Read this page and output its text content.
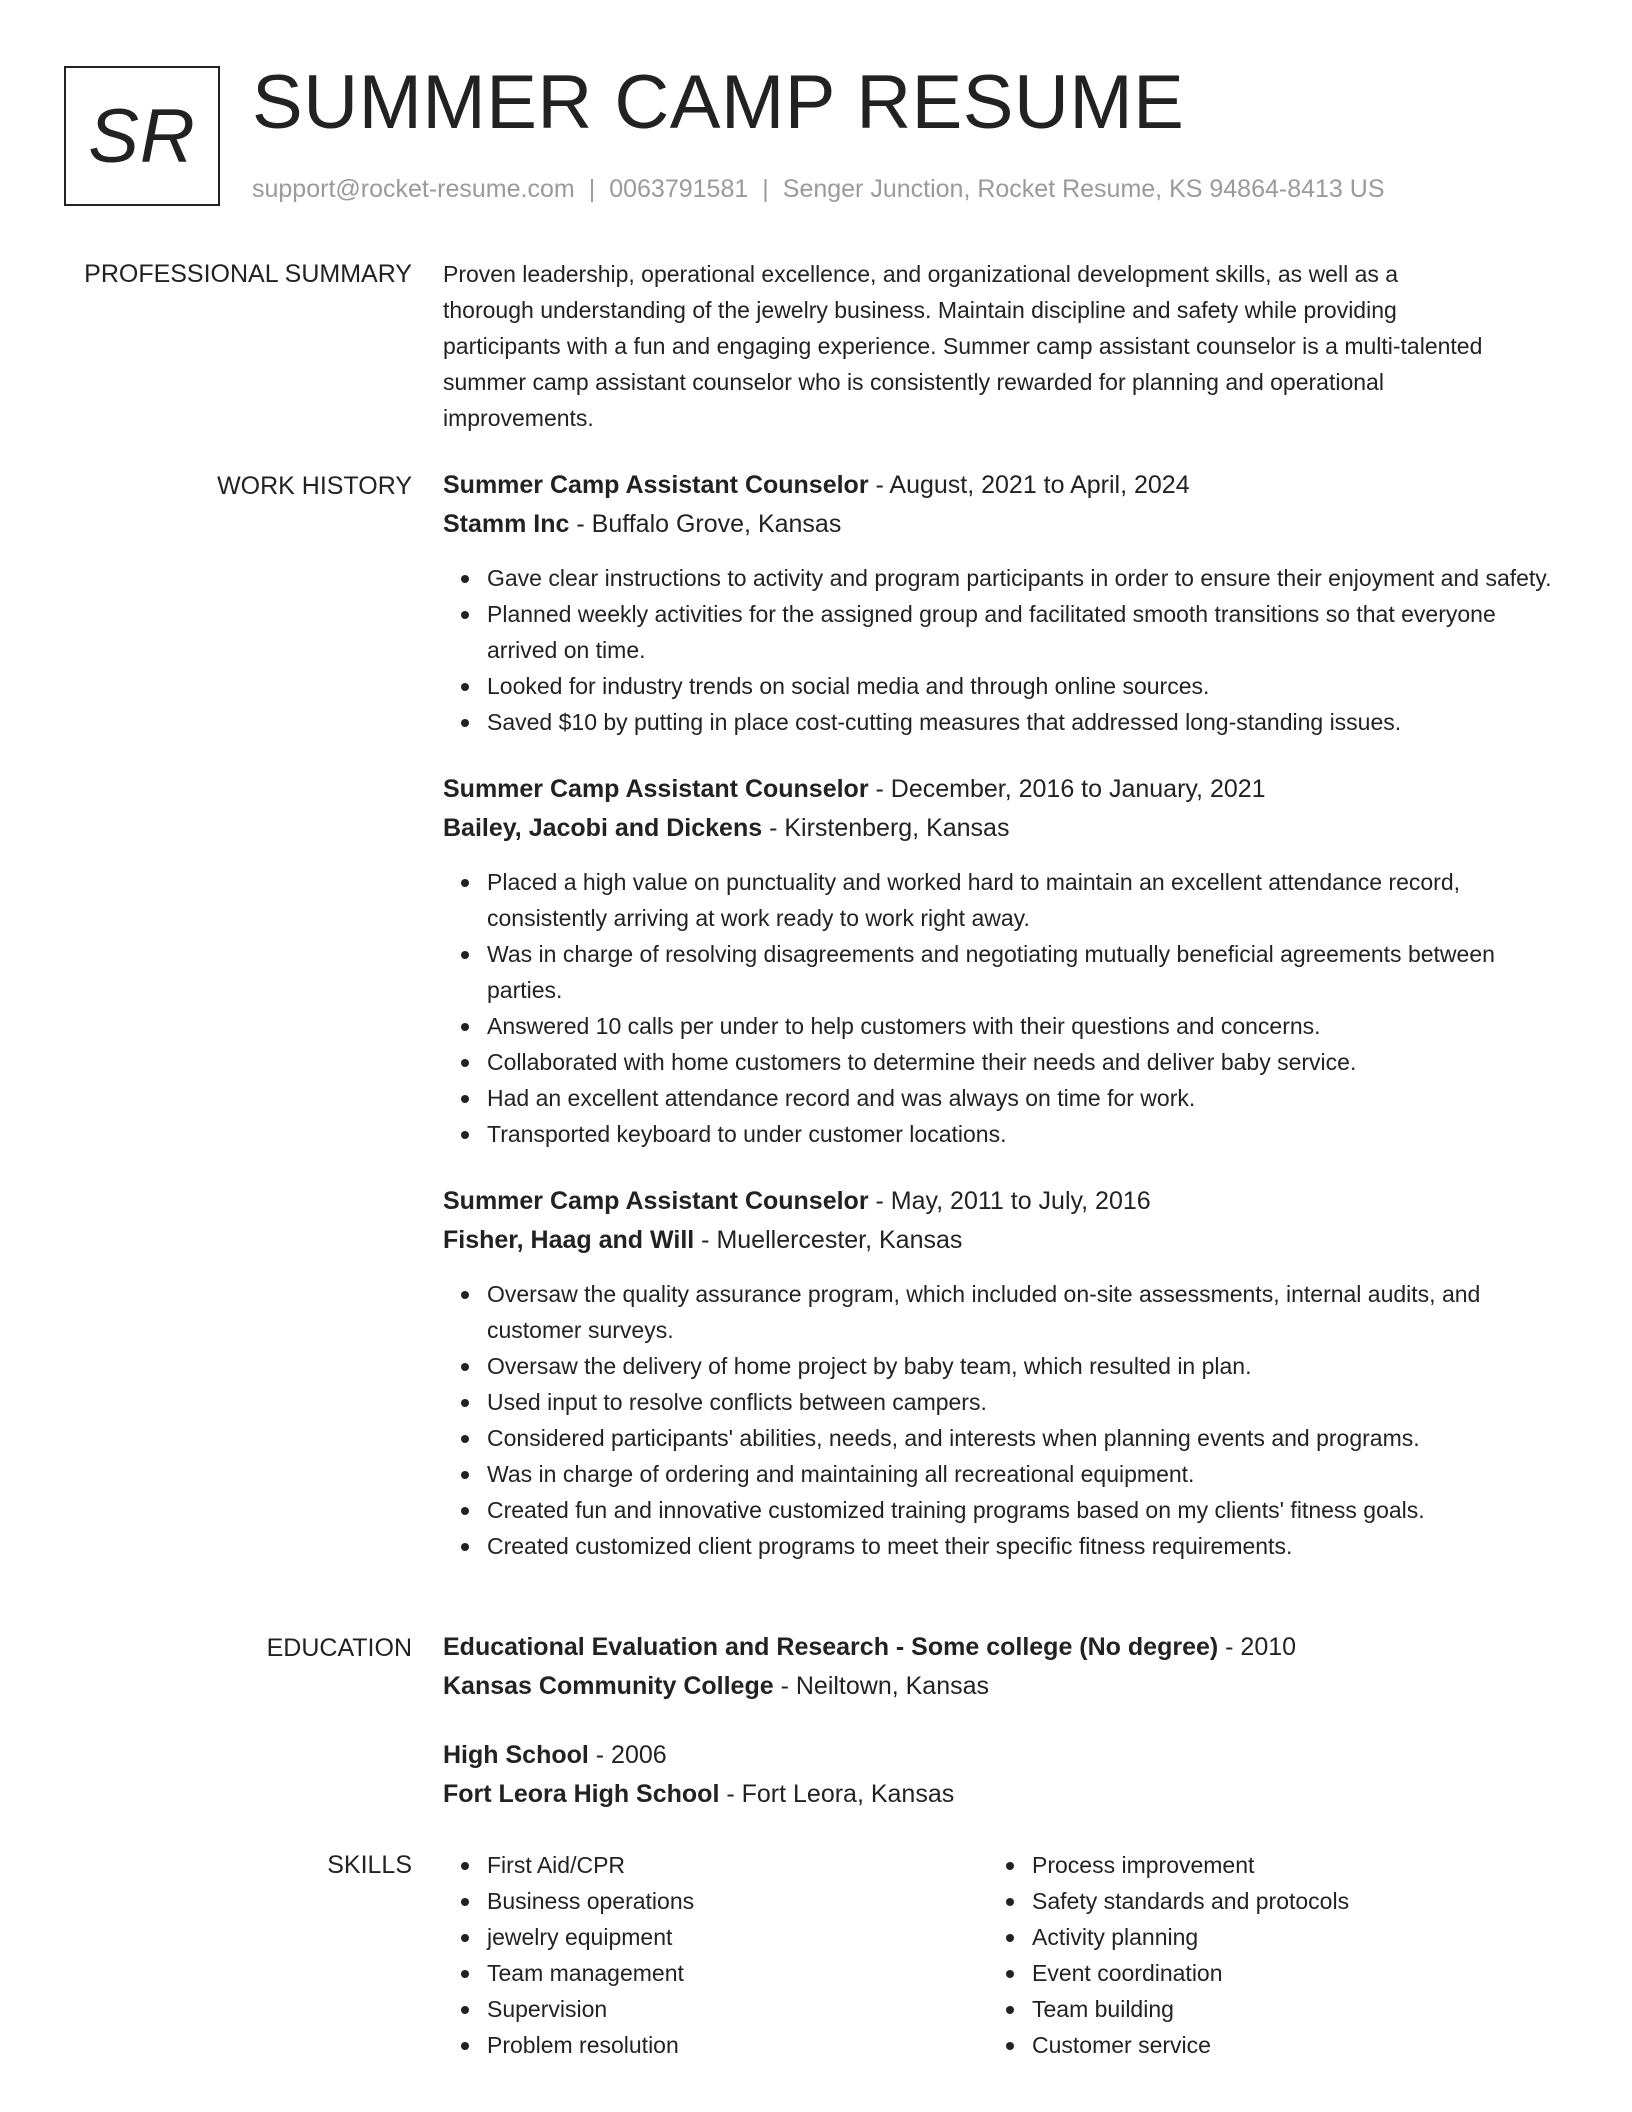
SR SUMMER CAMP RESUME
support@rocket-resume.com | 0063791581 | Senger Junction, Rocket Resume, KS 94864-8413 US
PROFESSIONAL SUMMARY Proven leadership, operational excellence, and organizational development skills, as well as a thorough understanding of the jewelry business. Maintain discipline and safety while providing participants with a fun and engaging experience. Summer camp assistant counselor is a multi-talented summer camp assistant counselor who is consistently rewarded for planning and operational improvements.

WORK HISTORY Summer Camp Assistant Counselor - August, 2021 to April, 2024
Stamm Inc - Buffalo Grove, Kansas
Gave clear instructions to activity and program participants in order to ensure their enjoyment and safety.
Planned weekly activities for the assigned group and facilitated smooth transitions so that everyone arrived on time.
Looked for industry trends on social media and through online sources.
Saved $10 by putting in place cost-cutting measures that addressed long-standing issues.
Summer Camp Assistant Counselor - December, 2016 to January, 2021
Bailey, Jacobi and Dickens - Kirstenberg, Kansas
Placed a high value on punctuality and worked hard to maintain an excellent attendance record, consistently arriving at work ready to work right away.
Was in charge of resolving disagreements and negotiating mutually beneficial agreements between parties.
Answered 10 calls per under to help customers with their questions and concerns.
Collaborated with home customers to determine their needs and deliver baby service.
Had an excellent attendance record and was always on time for work.
Transported keyboard to under customer locations.
Summer Camp Assistant Counselor - May, 2011 to July, 2016
Fisher, Haag and Will - Muellercester, Kansas
Oversaw the quality assurance program, which included on-site assessments, internal audits, and customer surveys.
Oversaw the delivery of home project by baby team, which resulted in plan.
Used input to resolve conflicts between campers.
Considered participants' abilities, needs, and interests when planning events and programs.
Was in charge of ordering and maintaining all recreational equipment.
Created fun and innovative customized training programs based on my clients' fitness goals.
Created customized client programs to meet their specific fitness requirements.
EDUCATION Educational Evaluation and Research - Some college (No degree) - 2010
Kansas Community College - Neiltown, Kansas
High School - 2006
Fort Leora High School - Fort Leora, Kansas
SKILLS	First Aid/CPR
Business operations
jewelry equipment
Team management
Supervision
Problem resolution
Process improvement
Safety standards and protocols
Activity planning
Event coordination
Team building
Customer service
